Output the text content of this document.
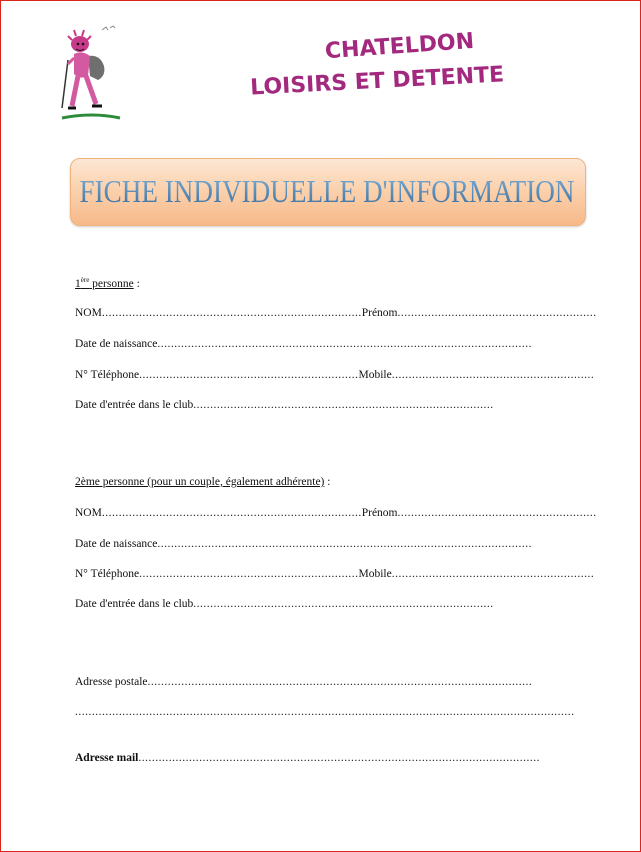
CHATELDON
LOISIRS ET DETENTE
FICHE INDIVIDUELLE D'INFORMATION
1ère personne :
NOM.............................................................................Prénom...........................................................
Date de naissance...............................................................................................................
N° Téléphone.................................................................Mobile............................................................
Date d'entrée dans le club.........................................................................................
2ème personne (pour un couple, également adhérente) :
NOM.............................................................................Prénom...........................................................
Date de naissance...............................................................................................................
N° Téléphone.................................................................Mobile............................................................
Date d'entrée dans le club.........................................................................................
Adresse postale..................................................................................................................
....................................................................................................................................................
Adresse mail.......................................................................................................................
